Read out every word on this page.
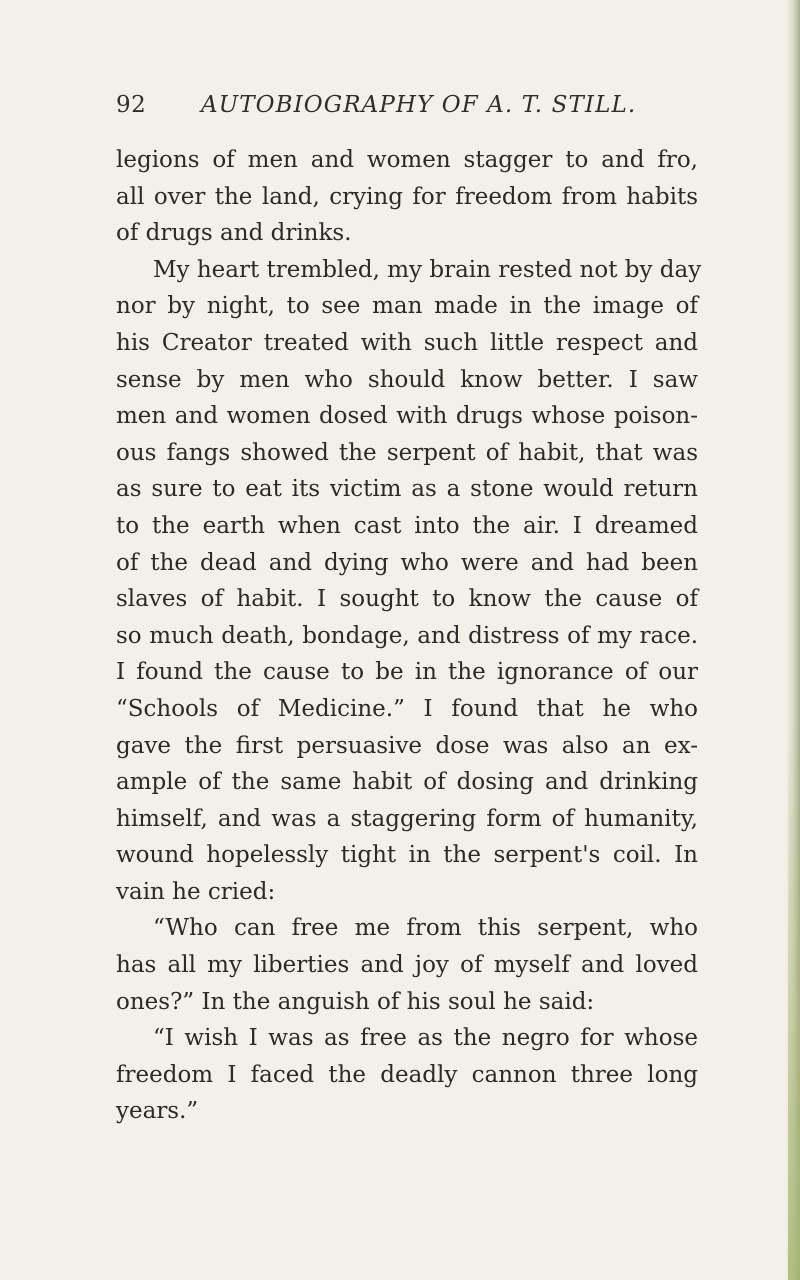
92 AUTOBIOGRAPHY OF A. T. STILL.
legions of men and women stagger to and fro,
all over the land, crying for freedom from habits
of drugs and drinks.
My heart trembled, my brain rested not by day
nor by night, to see man made in the image of
his Creator treated with such little respect and
sense by men who should know better. I saw
men and women dosed with drugs whose poison-
ous fangs showed the serpent of habit, that was
as sure to eat its victim as a stone would return
to the earth when cast into the air. I dreamed
of the dead and dying who were and had been
slaves of habit. I sought to know the cause of
so much death, bondage, and distress of my race.
I found the cause to be in the ignorance of our
“Schools of Medicine.” I found that he who
gave the first persuasive dose was also an ex-
ample of the same habit of dosing and drinking
himself, and was a staggering form of humanity,
wound hopelessly tight in the serpent's coil. In
vain he cried:
“Who can free me from this serpent, who
has all my liberties and joy of myself and loved
ones?” In the anguish of his soul he said:
“I wish I was as free as the negro for whose
freedom I faced the deadly cannon three long
years.”
